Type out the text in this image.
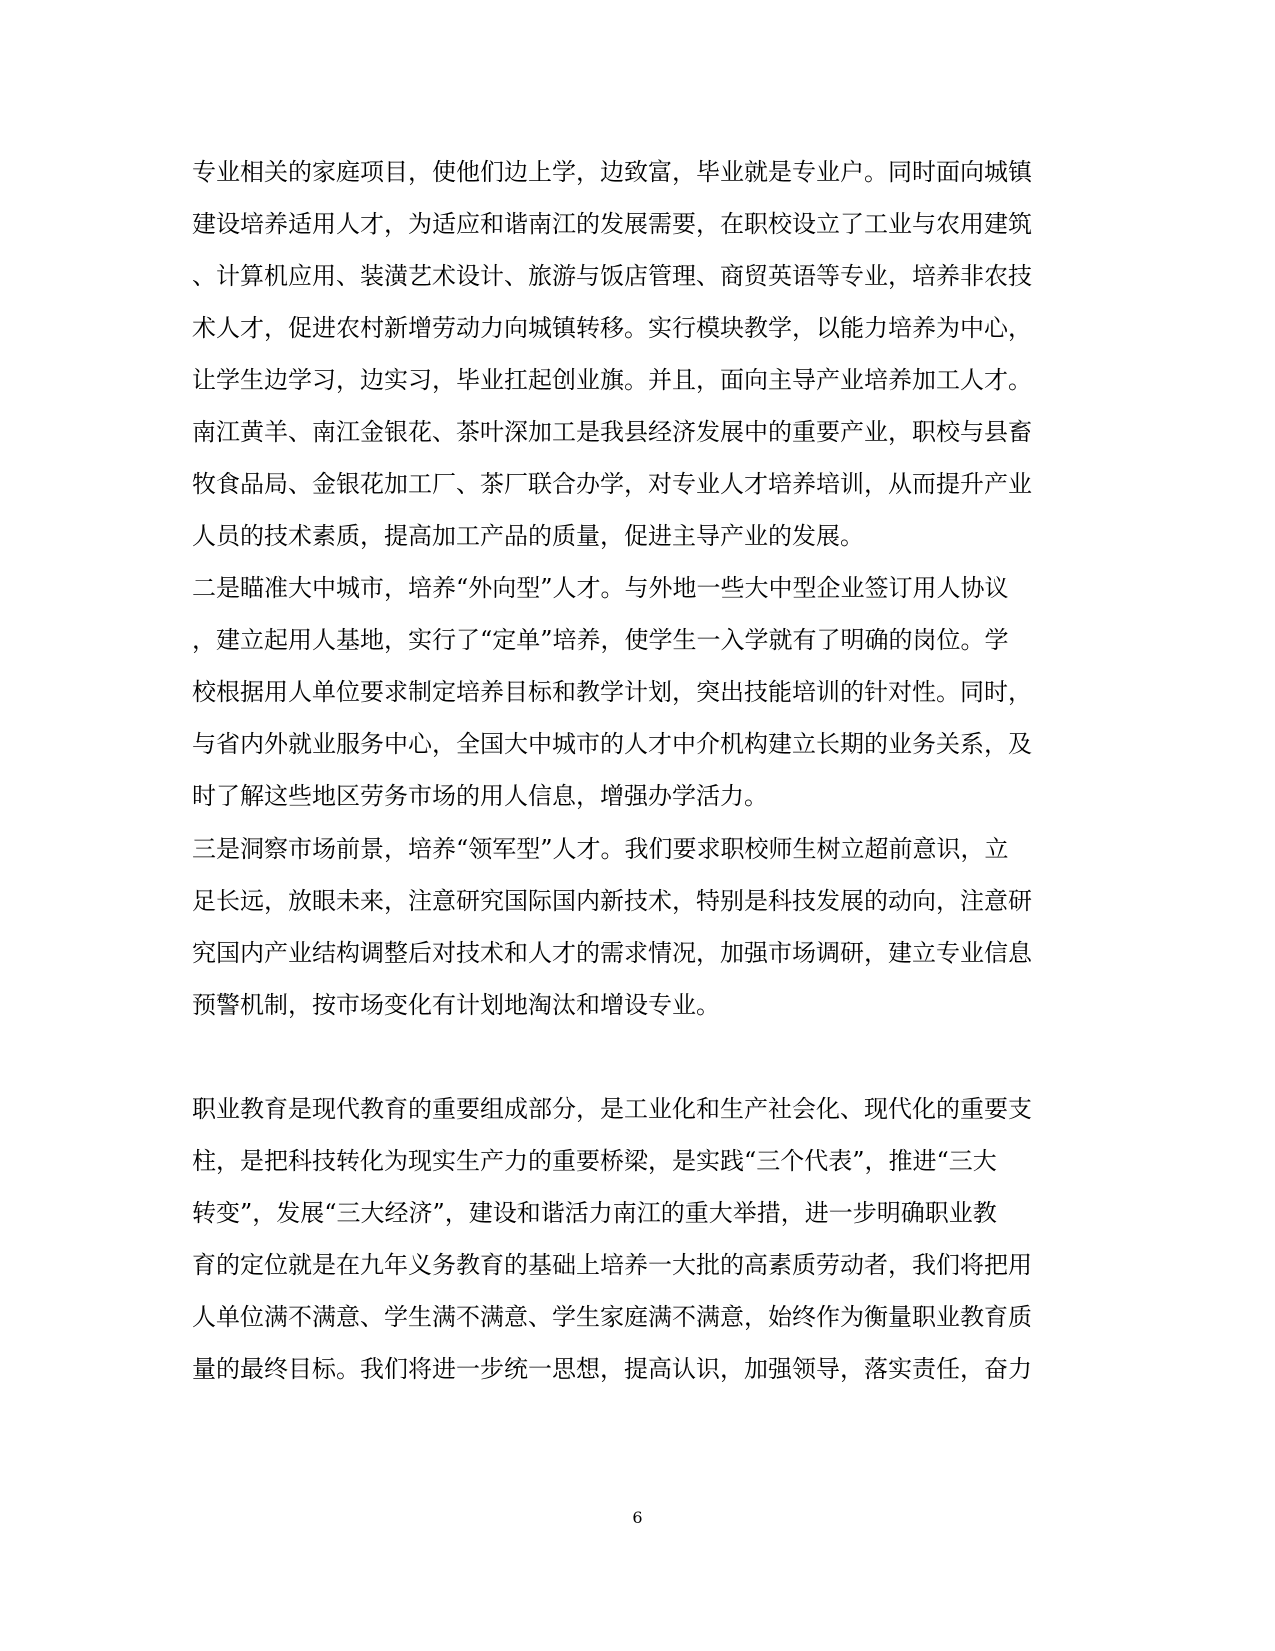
专业相关的家庭项目，使他们边上学，边致富，毕业就是专业户。同时面向城镇
建设培养适用人才，为适应和谐南江的发展需要，在职校设立了工业与农用建筑
、计算机应用、装潢艺术设计、旅游与饭店管理、商贸英语等专业，培养非农技
术人才，促进农村新增劳动力向城镇转移。实行模块教学，以能力培养为中心，
让学生边学习，边实习，毕业扛起创业旗。并且，面向主导产业培养加工人才。
南江黄羊、南江金银花、茶叶深加工是我县经济发展中的重要产业，职校与县畜
牧食品局、金银花加工厂、茶厂联合办学，对专业人才培养培训，从而提升产业
人员的技术素质，提高加工产品的质量，促进主导产业的发展。
二是瞄准大中城市，培养“外向型”人才。与外地一些大中型企业签订用人协议
，建立起用人基地，实行了“定单”培养，使学生一入学就有了明确的岗位。学
校根据用人单位要求制定培养目标和教学计划，突出技能培训的针对性。同时，
与省内外就业服务中心，全国大中城市的人才中介机构建立长期的业务关系，及
时了解这些地区劳务市场的用人信息，增强办学活力。
三是洞察市场前景，培养“领军型”人才。我们要求职校师生树立超前意识，立
足长远，放眼未来，注意研究国际国内新技术，特别是科技发展的动向，注意研
究国内产业结构调整后对技术和人才的需求情况，加强市场调研，建立专业信息
预警机制，按市场变化有计划地淘汰和增设专业。
职业教育是现代教育的重要组成部分，是工业化和生产社会化、现代化的重要支
柱，是把科技转化为现实生产力的重要桥梁，是实践“三个代表”，推进“三大
转变”，发展“三大经济”，建设和谐活力南江的重大举措，进一步明确职业教
育的定位就是在九年义务教育的基础上培养一大批的高素质劳动者，我们将把用
人单位满不满意、学生满不满意、学生家庭满不满意，始终作为衡量职业教育质
量的最终目标。我们将进一步统一思想，提高认识，加强领导，落实责任，奋力
6
